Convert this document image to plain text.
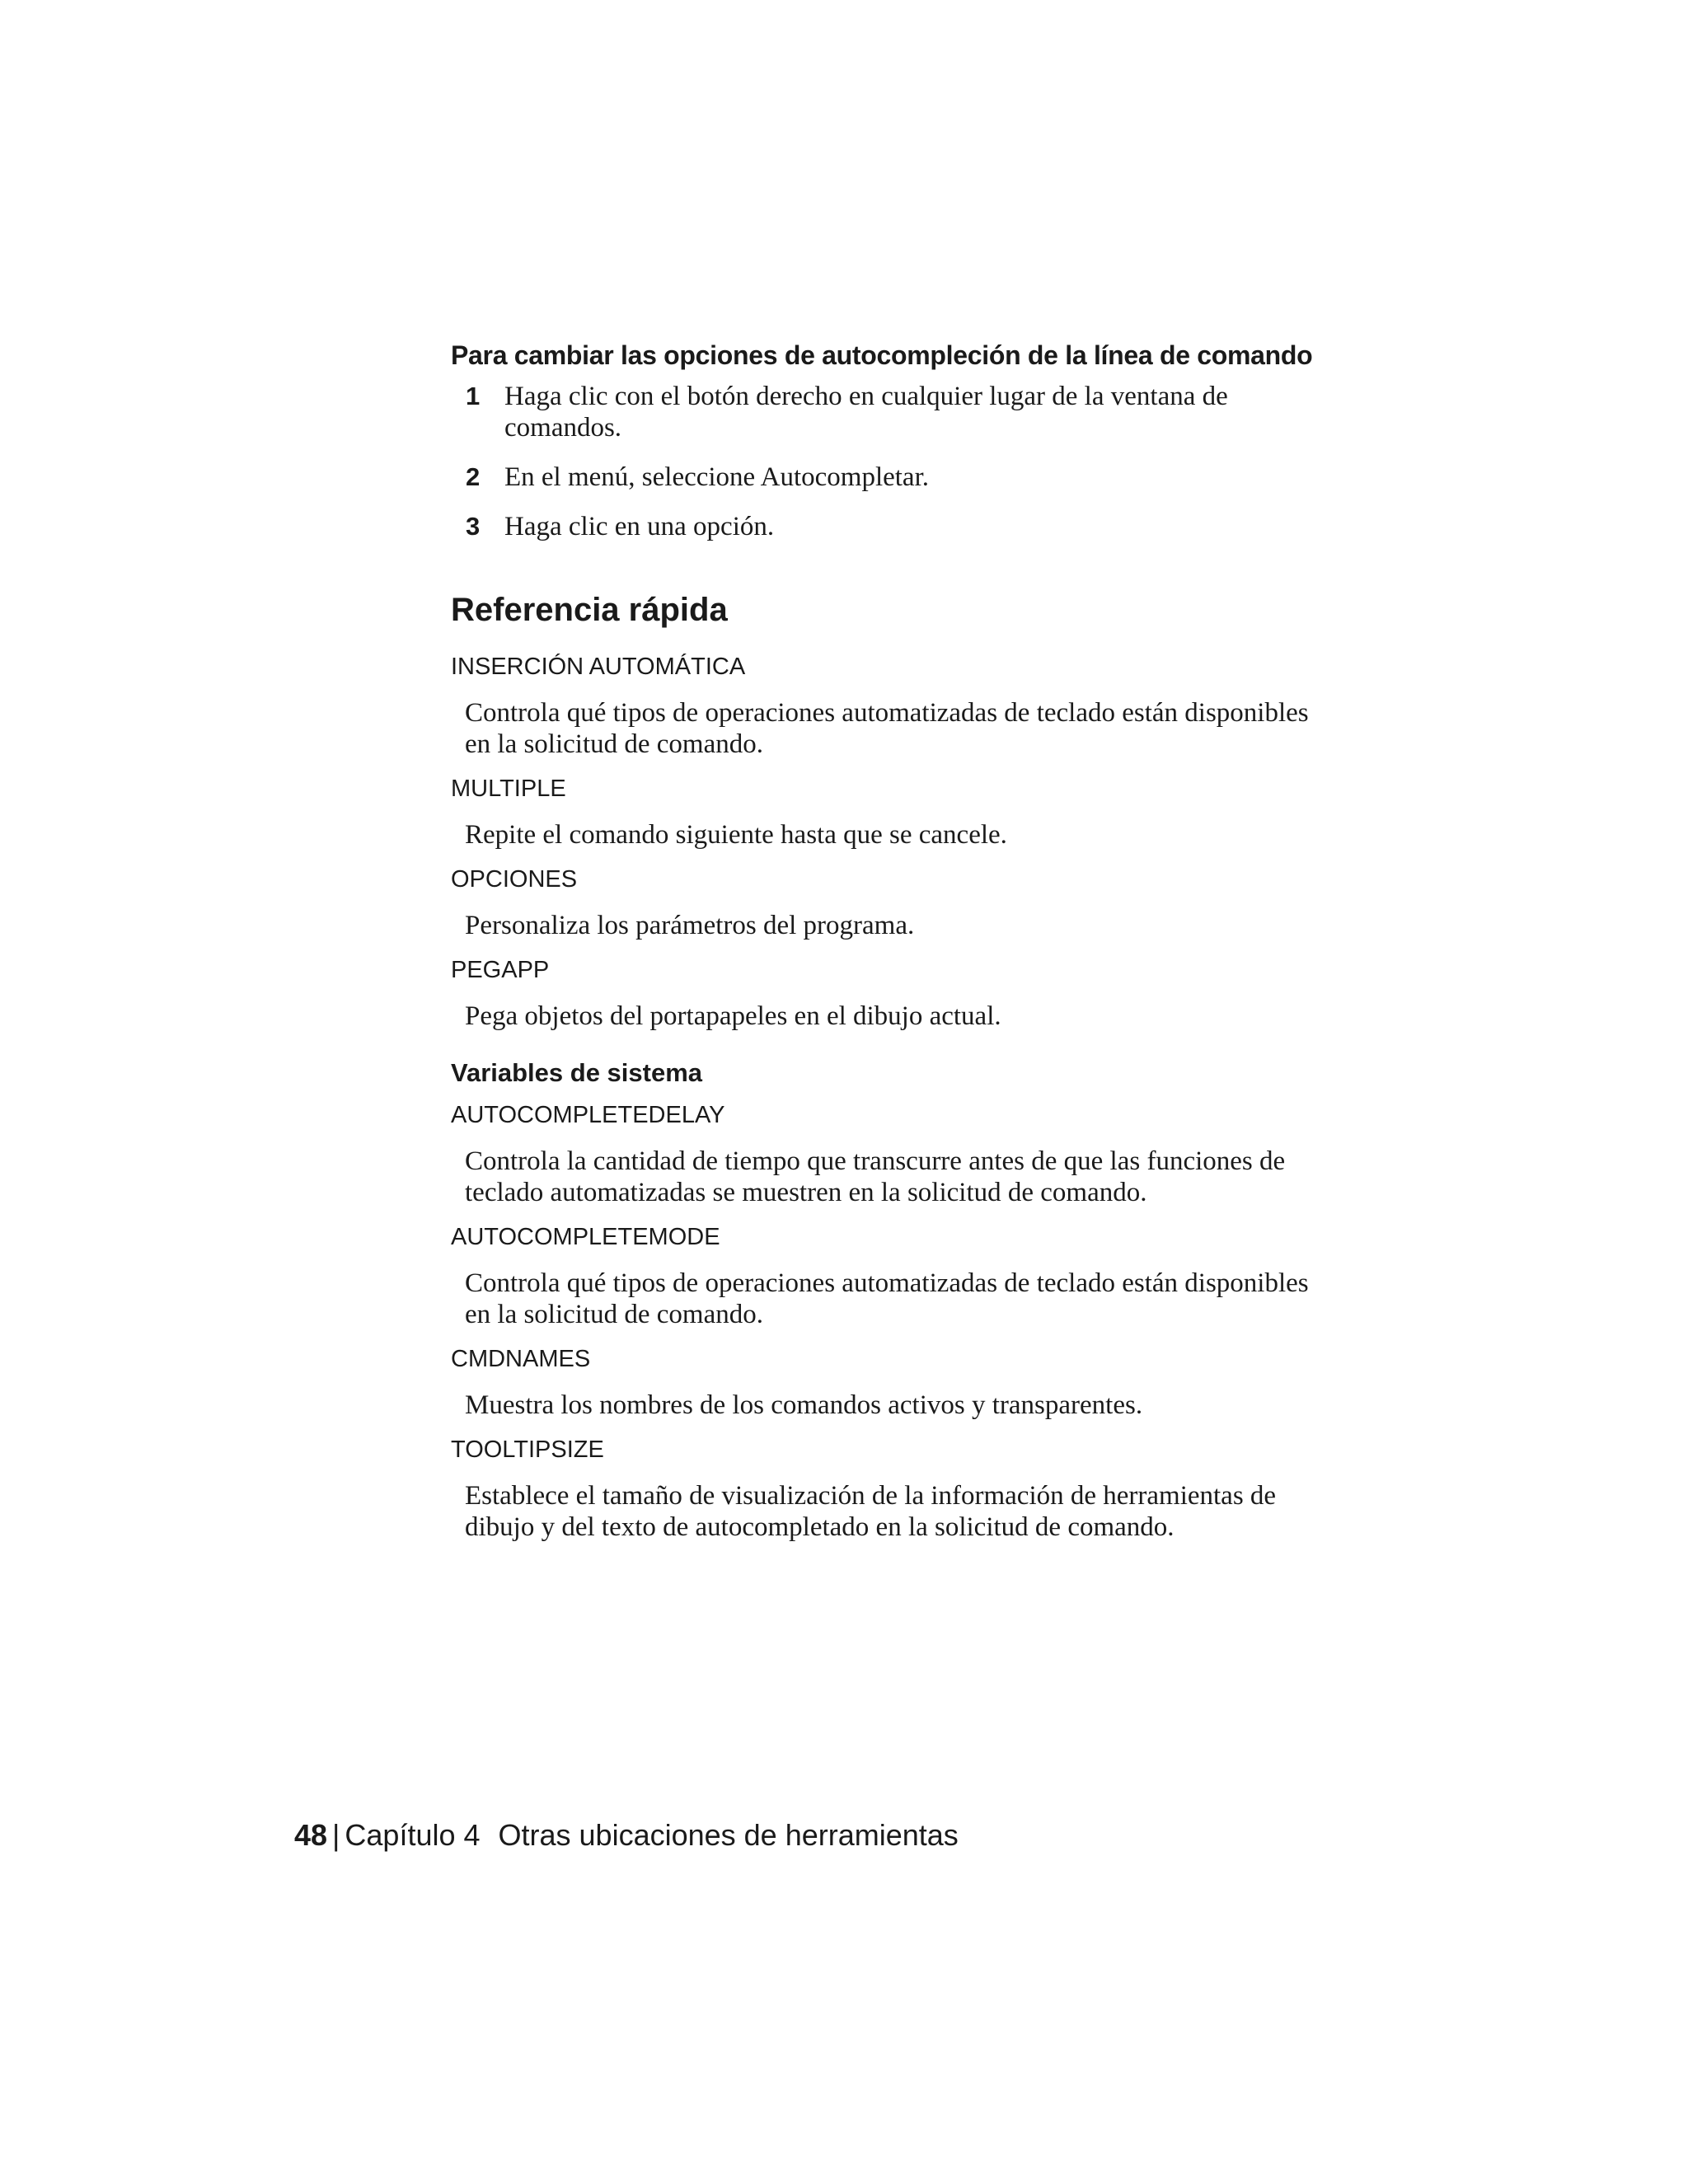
Para cambiar las opciones de autocompleción de la línea de comando
1 Haga clic con el botón derecho en cualquier lugar de la ventana de comandos.
2 En el menú, seleccione Autocompletar.
3 Haga clic en una opción.
Referencia rápida
INSERCIÓN AUTOMÁTICA
Controla qué tipos de operaciones automatizadas de teclado están disponibles en la solicitud de comando.
MULTIPLE
Repite el comando siguiente hasta que se cancele.
OPCIONES
Personaliza los parámetros del programa.
PEGAPP
Pega objetos del portapapeles en el dibujo actual.
Variables de sistema
AUTOCOMPLETEDELAY
Controla la cantidad de tiempo que transcurre antes de que las funciones de teclado automatizadas se muestren en la solicitud de comando.
AUTOCOMPLETEMODE
Controla qué tipos de operaciones automatizadas de teclado están disponibles en la solicitud de comando.
CMDNAMES
Muestra los nombres de los comandos activos y transparentes.
TOOLTIPSIZE
Establece el tamaño de visualización de la información de herramientas de dibujo y del texto de autocompletado en la solicitud de comando.
48 | Capítulo 4 Otras ubicaciones de herramientas
